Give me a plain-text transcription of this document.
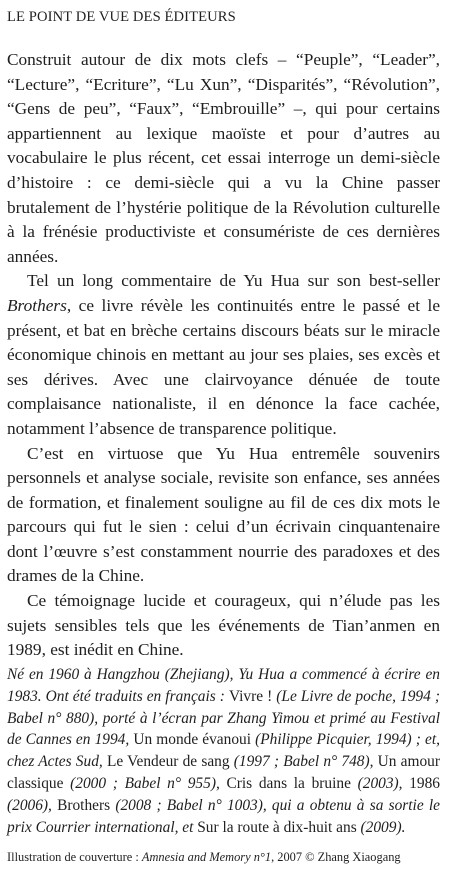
LE POINT DE VUE DES ÉDITEURS

Construit autour de dix mots clefs – “Peuple”, “Leader”, “Lecture”, “Ecriture”, “Lu Xun”, “Disparités”, “Révolution”, “Gens de peu”, “Faux”, “Embrouille” –, qui pour certains appartiennent au lexique maoïste et pour d’autres au vocabulaire le plus récent, cet essai interroge un demi-siècle d’histoire : ce demi-siècle qui a vu la Chine passer brutalement de l’hystérie politique de la Révolution culturelle à la frénésie productiviste et consumériste de ces dernières années.

Tel un long commentaire de Yu Hua sur son best-seller Brothers, ce livre révèle les continuités entre le passé et le présent, et bat en brèche certains discours béats sur le miracle économique chinois en mettant au jour ses plaies, ses excès et ses dérives. Avec une clairvoyance dénuée de toute complaisance nationaliste, il en dénonce la face cachée, notamment l’absence de transparence politique.

C’est en virtuose que Yu Hua entremêle souvenirs personnels et analyse sociale, revisite son enfance, ses années de formation, et finalement souligne au fil de ces dix mots le parcours qui fut le sien : celui d’un écrivain cinquantenaire dont l’œuvre s’est constamment nourrie des paradoxes et des drames de la Chine.

Ce témoignage lucide et courageux, qui n’élude pas les sujets sensibles tels que les événements de Tian’anmen en 1989, est inédit en Chine.

Né en 1960 à Hangzhou (Zhejiang), Yu Hua a commencé à écrire en 1983. Ont été traduits en français : Vivre ! (Le Livre de poche, 1994 ; Babel n° 880), porté à l’écran par Zhang Yimou et primé au Festival de Cannes en 1994, Un monde évanoui (Philippe Picquier, 1994) ; et, chez Actes Sud, Le Vendeur de sang (1997 ; Babel n° 748), Un amour classique (2000 ; Babel n° 955), Cris dans la bruine (2003), 1986 (2006), Brothers (2008 ; Babel n° 1003), qui a obtenu à sa sortie le prix Courrier international, et Sur la route à dix-huit ans (2009).
Illustration de couverture : Amnesia and Memory n°1, 2007 © Zhang Xiaogang
